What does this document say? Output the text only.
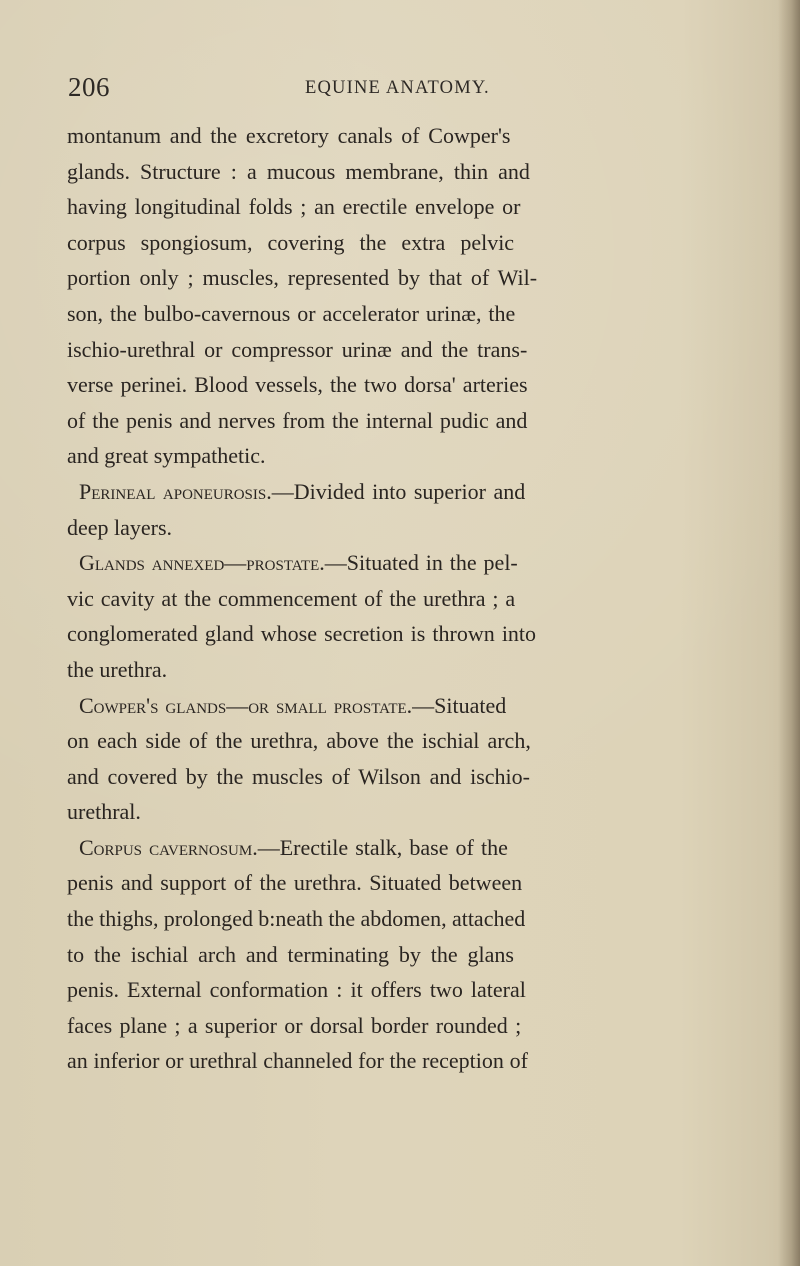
206	EQUINE ANATOMY.
montanum and the excretory canals of Cowper's
glands. Structure : a mucous membrane, thin and
having longitudinal folds ; an erectile envelope or
corpus spongiosum, covering the extra pelvic
portion only ; muscles, represented by that of Wil-
son, the bulbo-cavernous or accelerator urinæ, the
ischio-urethral or compressor urinæ and the trans-
verse perinei. Blood vessels, the two dorsa' arteries
of the penis and nerves from the internal pudic and
and great sympathetic.
Perineal aponeurosis.—Divided into superior and
deep layers.
Glands annexed—prostate.—Situated in the pel-
vic cavity at the commencement of the urethra ; a
conglomerated gland whose secretion is thrown into
the urethra.
Cowper's glands—or small prostate.—Situated
on each side of the urethra, above the ischial arch,
and covered by the muscles of Wilson and ischio-
urethral.
Corpus cavernosum.—Erectile stalk, base of the
penis and support of the urethra. Situated between
the thighs, prolonged b:neath the abdomen, attached
to the ischial arch and terminating by the glans
penis. External conformation : it offers two lateral
faces plane ; a superior or dorsal border rounded ;
an inferior or urethral channeled for the reception of
